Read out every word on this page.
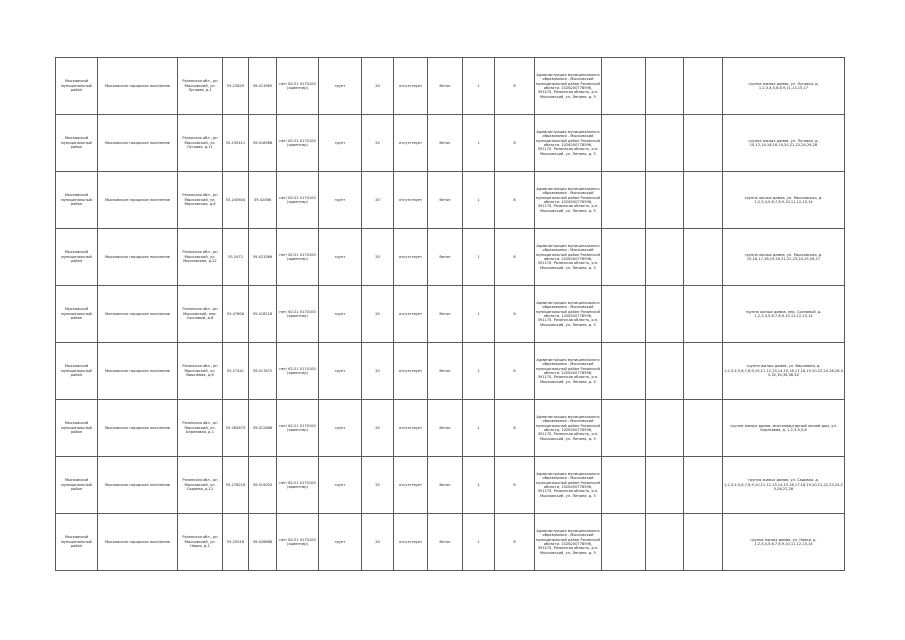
Мысковский муниципальный район	Мысковское городское поселение	Рязанская обл., рп Мысковский, ул. Луговая, д.1	55.23829	39.413965	нет/ 62:21 0170100 (ориентир)	грунт	20	отсутствует	бетон	1	8	Администрация муниципального образования - Мысковский муниципальный район Рязанской области, 1026200778596, 391170, Рязанская область, р.п. Мысковский, ул. Ленина, д. 5				группа жилых домов, ул. Луговая, д. 1,2,3,4,5,6,8,9,11,13,15,17
Мысковский муниципальный район	Мысковское городское поселение	Рязанская обл., рп Мысковский, ул. Луговая, д.11	55.235411	39.418586	нет/ 62:21 0170100 (ориентир)	грунт	20	отсутствует	бетон	1	8	Администрация муниципального образования - Мысковский муниципальный район Рязанской области, 1026200778596, 391170, Рязанская область, р.п. Мысковский, ул. Ленина, д. 5				группа жилых домов, ул. Луговая, д. 10,12,14,16,18,19,20,21,22,24,26,28
Мысковский муниципальный район	Мысковское городское поселение	Рязанская обл., рп Мысковский, ул. Мысковская, д.6	55.245604	39.42066	нет/ 62:21 0170100 (ориентир)	грунт	20	отсутствует	бетон	1	8	Администрация муниципального образования - Мысковский муниципальный район Рязанской области, 1026200778596, 391170, Рязанская область, р.п. Мысковский, ул. Ленина, д. 5				группа жилых домов, ул. Мысковская, д. 1,2,3,4,5,6,7,8,9,10,11,12,13,14
Мысковский муниципальный район	Мысковское городское поселение	Рязанская обл., рп Мысковский, ул. Мысковская, д.22	55.2472	39.423366	нет/ 62:21 0170100 (ориентир)	грунт	20	отсутствует	бетон	1	8	Администрация муниципального образования - Мысковский муниципальный район Рязанской области, 1026200778596, 391170, Рязанская область, р.п. Мысковский, ул. Ленина, д. 5				группа жилых домов, ул. Мысковская, д. 15,16,17,18,19,20,21,22,23,24,25,26,27
Мысковский муниципальный район	Мысковское городское поселение	Рязанская обл., рп Мысковский, пер. Сосновый, д.6	55.47806	39.418218	нет/ 62:21 0170100 (ориентир)	грунт	20	отсутствует	бетон	1	8	Администрация муниципального образования - Мысковский муниципальный район Рязанской области, 1026200778596, 391170, Рязанская область, р.п. Мысковский, ул. Ленина, д. 5				группа жилых домов, пер. Сосновый, д. 1,2,3,4,5,6,7,8,9,10,11,12,13,14
Мысковский муниципальный район	Мысковское городское поселение	Рязанская обл., рп Мысковский, ул. Вишневая, д.6	55.27441	39.417672	нет/ 62:21 0170100 (ориентир)	грунт	20	отсутствует	бетон	1	8	Администрация муниципального образования - Мысковский муниципальный район Рязанской области, 1026200778596, 391170, Рязанская область, р.п. Мысковский, ул. Ленина, д. 5				группа жилых домов, ул. Вишневая, д. 1,2,3,4,5,6,7,8,9,10,11,12,13,14,15,16,17,18,19,20,22,24,26,28,30,32,34,36,38,40
Мысковский муниципальный район	Мысковское городское поселение	Рязанская обл., рп Мысковский, ул. Березовая, д.1	55.265673	39.412886	нет/ 62:21 0170100 (ориентир)	грунт	20	отсутствует	бетон	1	8	Администрация муниципального образования - Мысковский муниципальный район Рязанской области, 1026200778596, 391170, Рязанская область, р.п. Мысковский, ул. Ленина, д. 5				группа жилых домов, многоквартирный жилой дом, ул. Березовая, д. 1,2,3,4,5,6
Мысковский муниципальный район	Мысковское городское поселение	Рязанская обл., рп Мысковский, ул. Садовая, д.12	55.278216	39.415025	нет/ 62:21 0170100 (ориентир)	грунт	20	отсутствует	бетон	1	8	Администрация муниципального образования - Мысковский муниципальный район Рязанской области, 1026200778596, 391170, Рязанская область, р.п. Мысковский, ул. Ленина, д. 5				группа жилых домов, ул. Садовая, д. 1,2,3,4,5,6,7,8,9,10,11,12,13,14,15,16,17,18,19,20,21,22,23,24,25,26,27,28
Мысковский муниципальный район	Мысковское городское поселение	Рязанская обл., рп Мысковский, ул. Новая, д.1	55.25018	39.426668	нет/ 62:21 0170100 (ориентир)	грунт	20	отсутствует	бетон	1	8	Администрация муниципального образования - Мысковский муниципальный район Рязанской области, 1026200778596, 391170, Рязанская область, р.п. Мысковский, ул. Ленина, д. 5				группа жилых домов, ул. Новая, д. 1,2,3,4,5,6,7,8,9,10,11,12,13,14
